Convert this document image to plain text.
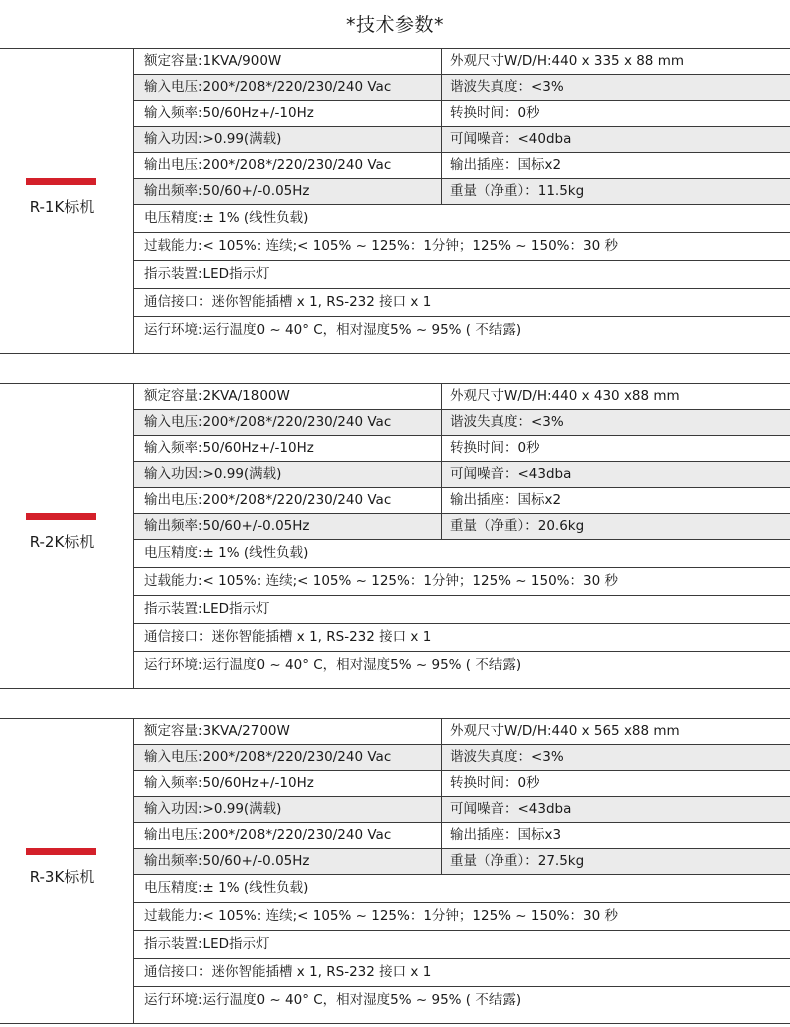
*技术参数*
R-1K标机
额定容量:1KVA/900W	外观尺寸W/D/H:440 x 335 x 88 mm
输入电压:200*/208*/220/230/240 Vac	谐波失真度：<3%
输入频率:50/60Hz+/-10Hz	转换时间：0秒
输入功因:>0.99(满载)	可闻噪音：<40dba
输出电压:200*/208*/220/230/240 Vac	输出插座：国标x2
输出频率:50/60+/-0.05Hz	重量（净重）：11.5kg
电压精度:± 1% (线性负载)
过载能力:< 105%: 连续;< 105% ~ 125%：1分钟；125% ~ 150%：30 秒
指示装置:LED指示灯
通信接口：迷你智能插槽 x 1, RS-232 接口 x 1
运行环境:运行温度0 ~ 40° C，相对湿度5% ~ 95% ( 不结露)
R-2K标机
额定容量:2KVA/1800W	外观尺寸W/D/H:440 x 430 x88 mm
输入电压:200*/208*/220/230/240 Vac	谐波失真度：<3%
输入频率:50/60Hz+/-10Hz	转换时间：0秒
输入功因:>0.99(满载)	可闻噪音：<43dba
输出电压:200*/208*/220/230/240 Vac	输出插座：国标x2
输出频率:50/60+/-0.05Hz	重量（净重）：20.6kg
电压精度:± 1% (线性负载)
过载能力:< 105%: 连续;< 105% ~ 125%：1分钟；125% ~ 150%：30 秒
指示装置:LED指示灯
通信接口：迷你智能插槽 x 1, RS-232 接口 x 1
运行环境:运行温度0 ~ 40° C，相对湿度5% ~ 95% ( 不结露)
R-3K标机
额定容量:3KVA/2700W	外观尺寸W/D/H:440 x 565 x88 mm
输入电压:200*/208*/220/230/240 Vac	谐波失真度：<3%
输入频率:50/60Hz+/-10Hz	转换时间：0秒
输入功因:>0.99(满载)	可闻噪音：<43dba
输出电压:200*/208*/220/230/240 Vac	输出插座：国标x3
输出频率:50/60+/-0.05Hz	重量（净重）：27.5kg
电压精度:± 1% (线性负载)
过载能力:< 105%: 连续;< 105% ~ 125%：1分钟；125% ~ 150%：30 秒
指示装置:LED指示灯
通信接口：迷你智能插槽 x 1, RS-232 接口 x 1
运行环境:运行温度0 ~ 40° C，相对湿度5% ~ 95% ( 不结露)
